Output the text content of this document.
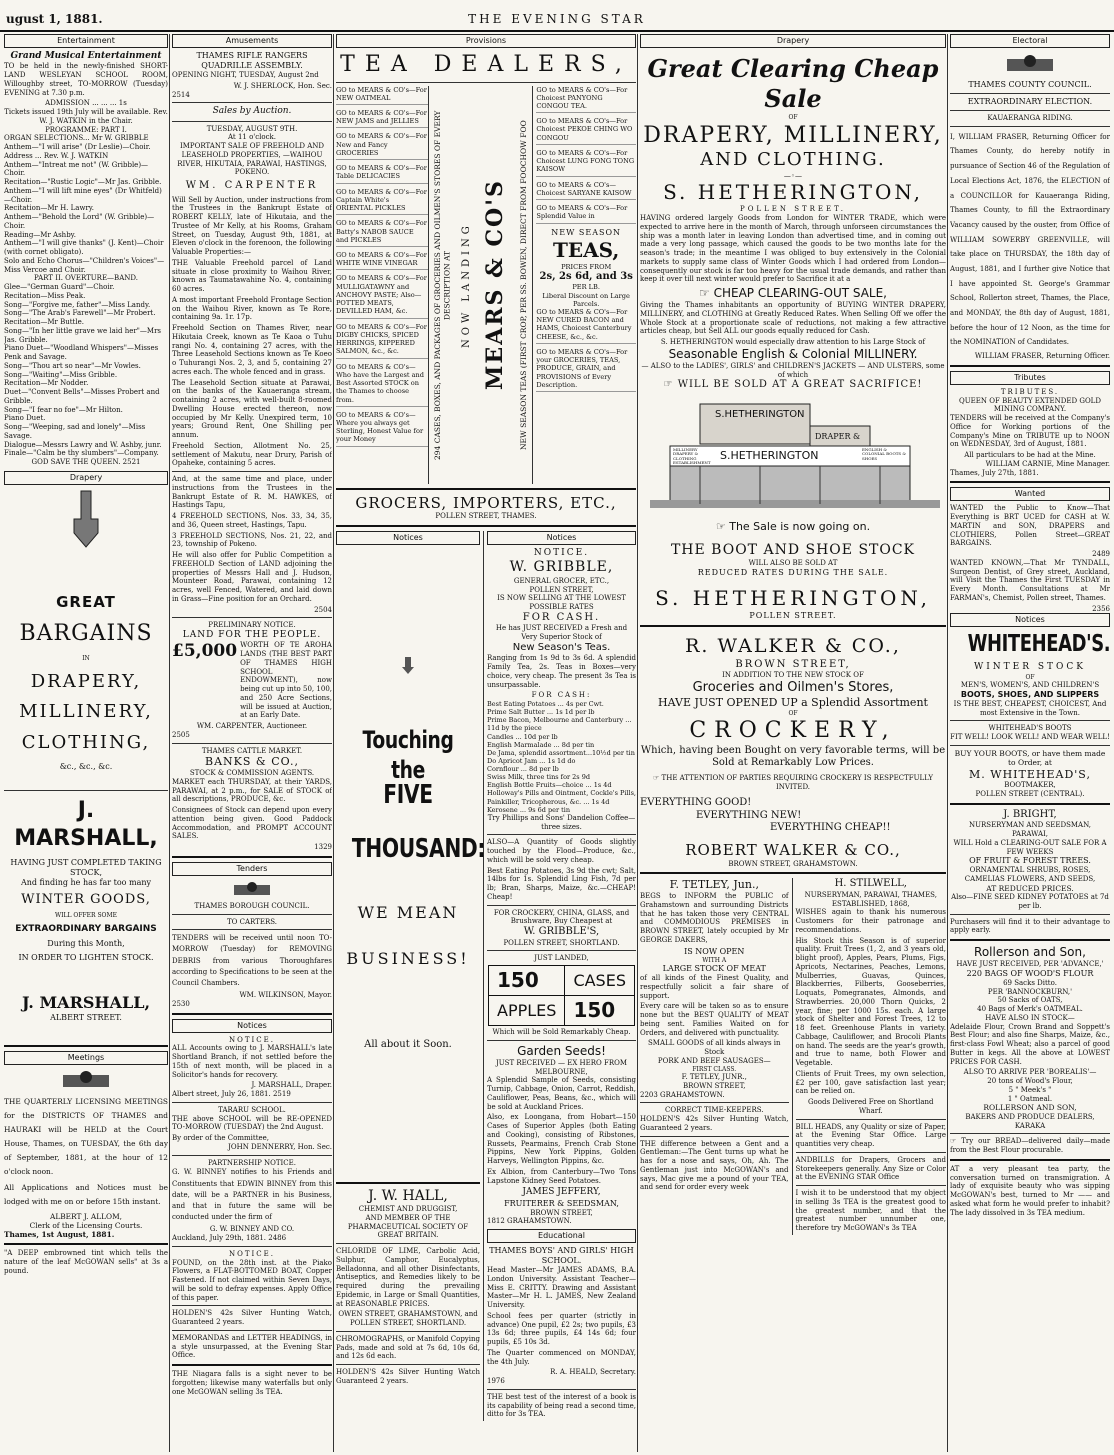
ugust 1, 1881.	THE EVENING STAR
Entertainment
Grand Musical Entertainment

TO be held in the newly-finished SHORT-LAND WESLEYAN SCHOOL ROOM, Willoughby street, TO-MORROW (Tuesday) EVENING at 7.30 p.m.

ADMISSION ... ... ... 1s
Tickets issued 19th July will be available. Rev. W. J. WATKIN in the Chair.
PROGRAMME: PART I.
ORGAN SELECTIONS... Mr W. GRIBBLE
Anthem—"I will arise" (Dr Leslie)—Choir.
Address ... Rev. W. J. WATKIN
Anthem—"Intreat me not" (W. Gribble)—Choir.
Recitation—"Rustic Logic"—Mr Jas. Gribble.
Anthem—"I will lift mine eyes" (Dr Whitfeld)—Choir.
Recitation—Mr H. Lawry.
Anthem—"Behold the Lord" (W. Gribble)—Choir.
Reading—Mr Ashby.
Anthem—"I will give thanks" (J. Kent)—Choir (with cornet obligato).
Solo and Echo Chorus—"Children's Voices"—Miss Vercoe and Choir.
PART II. OVERTURE—BAND.
Glee—"German Guard"—Choir.
Recitation—Miss Peak.
Song—"Forgive me, father"—Miss Landy.
Song—"The Arab's Farewell"—Mr Probert.
Recitation—Mr Buttle.
Song—"In her little grave we laid her"—Mrs Jas. Gribble.
Piano Duet—"Woodland Whispers"—Misses Penk and Savage.
Song—"Thou art so near"—Mr Vowles.
Song—"Waiting"—Miss Gribble.
Recitation—Mr Nodder.
Duet—"Convent Bells"—Misses Probert and Gribble.
Song—"I fear no foe"—Mr Hilton.
Piano Duet.
Song—"Weeping, sad and lonely"—Miss Savage.
Dialogue—Messrs Lawry and W. Ashby, junr.
Finale—"Calm be thy slumbers"—Company.
GOD SAVE THE QUEEN. 2521
Drapery
GREAT
BARGAINS
IN
DRAPERY,
MILLINERY,
CLOTHING,
&c., &c., &c.
J. MARSHALL,
HAVING JUST COMPLETED TAKING STOCK,
And finding he has far too many
WINTER GOODS,
WILL OFFER SOME
EXTRAORDINARY BARGAINS
During this Month,
IN ORDER TO LIGHTEN STOCK.
J. MARSHALL,
ALBERT STREET.
Meetings

THE QUARTERLY LICENSING MEETINGS for the DISTRICTS OF THAMES and HAURAKI will be HELD at the Court House, Thames, on TUESDAY, the 6th day of September, 1881, at the hour of 12 o'clock noon.

All Applications and Notices must be lodged with me on or before 15th instant.

ALBERT J. ALLOM,
Clerk of the Licensing Courts.
Thames, 1st August, 1881.

"A DEEP embrowned tint which tells the nature of the leaf McGOWAN sells" at 3s a pound.

Amusements
THAMES RIFLE RANGERS QUADRILLE ASSEMBLY.

OPENING NIGHT, TUESDAY, August 2nd

W. J. SHERLOCK, Hon. Sec.
2514
Sales by Auction.
TUESDAY, AUGUST 9TH.
At 11 o'clock.
IMPORTANT SALE OF FREEHOLD AND LEASEHOLD PROPERTIES, —WAIHOU RIVER, HIKUTAIA, PARAWAI, HASTINGS, POKENO.
WM. CARPENTER

Will Sell by Auction, under instructions from the Trustees in the Bankrupt Estate of ROBERT KELLY, late of Hikutaia, and the Trustee of Mr Kelly, at his Rooms, Graham Street, on Tuesday, August 9th, 1881, at Eleven o'clock in the forenoon, the following Valuable Properties:—

THE Valuable Freehold parcel of Land situate in close proximity to Waihou River, known as Taumatawahine No. 4, containing 60 acres.

A most important Freehold Frontage Section on the Waihou River, known as Te Rore, containing 9a. 1r. 17p.

Freehold Section on Thames River, near Hikutaia Creek, known as Te Kaoa o Tuhu rangi No. 4, containing 27 acres, with the Three Leasehold Sections known as Te Koeo o Tuhurangi Nos. 2, 3, and 5, containing 27 acres each. The whole fenced and in grass.

The Leasehold Section situate at Parawai, on the banks of the Kauaeranga stream, containing 2 acres, with well-built 8-roomed Dwelling House erected thereon, now occupied by Mr Kelly. Unexpired term, 10 years; Ground Rent, One Shilling per annum.

Freehold Section, Allotment No. 25, settlement of Makutu, near Drury, Parish of Opaheke, containing 5 acres.

And, at the same time and place, under instructions from the Trustees in the Bankrupt Estate of R. M. HAWKES, of Hastings Tapu,

4 FREEHOLD SECTIONS, Nos. 33, 34, 35, and 36, Queen street, Hastings, Tapu.

3 FREEHOLD SECTIONS, Nos. 21, 22, and 23, township of Pokeno.

He will also offer for Public Competition a FREEHOLD Section of LAND adjoining the properties of Messrs Hall and J. Hudson, Mounteer Road, Parawai, containing 12 acres, well Fenced, Watered, and laid down in Grass—Fine position for an Orchard.

2504
PRELIMINARY NOTICE.
LAND FOR THE PEOPLE.
£5,000 WORTH OF TE AROHA LANDS (THE BEST PART OF THAMES HIGH SCHOOL ENDOWMENT), now being cut up into 50, 100, and 250 Acre Sections, will be issued at Auction, at an Early Date.

WM. CARPENTER, Auctioneer.
2505
THAMES CATTLE MARKET.
BANKS & CO.,
STOCK & COMMISSION AGENTS.

MARKET each THURSDAY, at their YARDS, PARAWAI, at 2 p.m., for SALE of STOCK of all descriptions, PRODUCE, &c.

Consignees of Stock can depend upon every attention being given. Good Paddock Accommodation, and PROMPT ACCOUNT SALES.

1329
Tenders
THAMES BOROUGH COUNCIL.
TO CARTERS.

TENDERS will be received until noon TO-MORROW (Tuesday) for REMOVING DEBRIS from various Thoroughfares according to Specifications to be seen at the Council Chambers.

WM. WILKINSON, Mayor.
2530
Notices
NOTICE.

ALL Accounts owing to J. MARSHALL's late Shortland Branch, if not settled before the 15th of next month, will be placed in a Solicitor's hands for recovery.

J. MARSHALL, Draper.
Albert street, July 26, 1881. 2519
TARARU SCHOOL.

THE above SCHOOL will be RE-OPENED TO-MORROW (TUESDAY) the 2nd August.

By order of the Committee,
JOHN DENNERRY, Hon. Sec.
PARTNERSHIP NOTICE.

G. W. BINNEY notifies to his Friends and Constituents that EDWIN BINNEY from this date, will be a PARTNER in his Business, and that in future the same will be conducted under the firm of

G. W. BINNEY AND CO.
Auckland, July 29th, 1881. 2486
NOTICE.

FOUND, on the 28th inst. at the Piako Flowers, a FLAT-BOTTOMED BOAT, Copper Fastened. If not claimed within Seven Days, will be sold to defray expenses. Apply Office of this paper.

HOLDEN'S 42s Silver Hunting Watch, Guaranteed 2 years.

MEMORANDAS and LETTER HEADINGS, in a style unsurpassed, at the Evening Star Office.

THE Niagara falls is a sight never to be forgotten; likewise many waterfalls but only one McGOWAN selling 3s TEA.

Provisions
TEA DEALERS,
GO to MEARS & CO's—For NEW OATMEAL
GO to MEARS & CO's—For NEW JAMS and JELLIES
GO to MEARS & CO's—For New and Fancy GROCERIES
GO to MEARS & CO's—For Table DELICACIES
GO to MEARS & CO's—For Captain White's ORIENTAL PICKLES
GO to MEARS & CO's—For Batty's NABOB SAUCE and PICKLES
GO to MEARS & CO's—For WHITE WINE VINEGAR
GO to MEARS & CO's—For MULLIGATAWNY and ANCHOVY PASTE; Also—POTTED MEATS, DEVILLED HAM, &c.
GO to MEARS & CO's—For DIGBY CHICKS, SPICED HERRINGS, KIPPERED SALMON, &c., &c.
GO to MEARS & CO's—Who have the Largest and Best Assorted STOCK on the Thames to choose from.
GO to MEARS & CO's—Where you always get Sterling, Honest Value for your Money	294 CASES, BOXES, AND PACKAGES OF GROCERIES AND OILMEN'S STORES OF EVERY DESCRIPTION AT NOW LANDING MEARS & CO'S NEW SEASON TEAS (FIRST CROP, PER SS. BOWEN, DIRECT FROM FOOCHOW FOO
GO to MEARS & CO's—For Choicest PANYONG CONGOU TEA.
GO to MEARS & CO's—For Choicest PEKOE CHING WO CONGOU
GO to MEARS & CO's—For Choicest LUNG FONG TONG KAISOW
GO to MEARS & CO's—Choicest SARYANE KAISOW
GO to MEARS & CO's—For Splendid Value in
NEW SEASON
TEAS,
PRICES FROM
2s, 2s 6d, and 3s
PER LB.
Liberal Discount on Large Parcels.
GO to MEARS & CO's—For NEW CURED BACON and HAMS, Choicest Canterbury CHEESE, &c., &c.
GO to MEARS & CO's—For your GROCERIES, TEAS, PRODUCE, GRAIN, and PROVISIONS of Every Description.
GROCERS, IMPORTERS, ETC.,
POLLEN STREET, THAMES.
Notices
Touching the
FIVE
THOUSAND:
WE MEAN
BUSINESS!
All about it Soon.
J. W. HALL,
CHEMIST AND DRUGGIST,
AND MEMBER OF THE PHARMACEUTICAL SOCIETY OF GREAT BRITAIN.

CHLORIDE OF LIME, Carbolic Acid, Sulphur, Camphor, Eucalyptus, Belladonna, and all other Disinfectants, Antiseptics, and Remedies likely to be required during the prevailing Epidemic, in Large or Small Quantities, at REASONABLE PRICES.

OWEN STREET, GRAHAMSTOWN, and POLLEN STREET, SHORTLAND.

CHROMOGRAPHS, or Manifold Copying Pads, made and sold at 7s 6d, 10s 6d, and 12s 6d each.

HOLDEN'S 42s Silver Hunting Watch Guaranteed 2 years.

Notices
NOTICE.
W. GRIBBLE,
GENERAL GROCER, ETC.,
POLLEN STREET,
IS NOW SELLING AT THE LOWEST POSSIBLE RATES
FOR CASH.
He has JUST RECEIVED a Fresh and Very Superior Stock of
New Season's Teas.

Ranging from 1s 9d to 3s 6d. A splendid Family Tea, 2s. Teas in Boxes—very choice, very cheap. The present 3s Tea is unsurpassable.

FOR CASH:
Best Eating Potatoes ... 4s per Cwt.
Prime Salt Butter ... 1s 1d per lb
Prime Bacon, Melbourne and Canterbury ... 11d by the piece
Candles ... 10d per lb
English Marmalade ... 8d per tin
De Jama, splendid assortment...10½d per tin
Do Apricot Jam ... 1s 1d do
Cornflour ... 8d per lb
Swiss Milk, three tins for 2s 9d
English Bottle Fruits—choice ... 1s 4d
Holloway's Pills and Ointment, Cockle's Pills, Painkiller, Tricopherous, &c. ... 1s 4d
Kerosene ... 9s 6d per tin
Try Phillips and Sons' Dandelion Coffee—three sizes.

ALSO—A Quantity of Goods slightly touched by the Flood—Produce, &c., which will be sold very cheap.

Best Eating Potatoes, 3s 9d the cwt; Salt, 14lbs for 1s. Splendid Ling Fish, 7d per lb; Bran, Sharps, Maize, &c.—CHEAP! Cheap!

FOR CROCKERY, CHINA, GLASS, and Brushware, Buy Cheapest at
W. GRIBBLE'S,
POLLEN STREET, SHORTLAND.
JUST LANDED,
150	CASES
APPLES	150
Which will be Sold Remarkably Cheap.
Garden Seeds!
JUST RECEIVED — EX HERO FROM MELBOURNE,

A Splendid Sample of Seeds, consisting Turnip, Cabbage, Onion, Carrot, Reddish, Cauliflower, Peas, Beans, &c., which will be sold at Auckland Prices.

Also, ex Loongana, from Hobart—150 Cases of Superior Apples (both Eating and Cooking), consisting of Ribstones, Russets, Pearmains, French Crab Stone Pippins, New York Pippins, Golden Harveys, Wellington Pippins, &c.

Ex Albion, from Canterbury—Two Tons Lapstone Kidney Seed Potatoes.

JAMES JEFFERY,
FRUITERER & SEEDSMAN,
BROWN STREET,
1812 GRAHAMSTOWN.
Educational
THAMES BOYS' AND GIRLS' HIGH SCHOOL.

Head Master—Mr JAMES ADAMS, B.A. London University. Assistant Teacher—Miss E. CRITTY. Drawing and Assistant Master—Mr H. L. JAMES, New Zealand University.

School fees per quarter (strictly in advance) One pupil, £2 2s; two pupils, £3 13s 6d; three pupils, £4 14s 6d; four pupils, £5 10s 3d.

The Quarter commenced on MONDAY, the 4th July.

R. A. HEALD, Secretary.
1976

THE best test of the interest of a book is its capability of being read a second time, ditto for 3s TEA.

Drapery
Great Clearing Cheap Sale
OF
DRAPERY, MILLINERY,
AND CLOTHING.
—◦—
S. HETHERINGTON,
POLLEN STREET.

HAVING ordered largely Goods from London for WINTER TRADE, which were expected to arrive here in the month of March, through unforseen circumstances the ship was a month later in leaving London than advertised time, and in coming out made a very long passage, which caused the goods to be two months late for the season's trade; in the meantime I was obliged to buy extensively in the Colonial markets to supply same class of Winter Goods which I had ordered from London—consequently our stock is far too heavy for the usual trade demands, and rather than keep it over till next winter would prefer to Sacrifice it at a

☞ CHEAP CLEARING-OUT SALE,

Giving the Thames inhabitants an opportunity of BUYING WINTER DRAPERY, MILLINERY, and CLOTHING at Greatly Reduced Rates. When Selling Off we offer the Whole Stock at a proportionate scale of reductions, not making a few attractive articles cheap, but Sell ALL our goods equally reduced for Cash.

S. HETHERINGTON would especially draw attention to his Large Stock of
Seasonable English & Colonial MILLINERY.
— ALSO to the LADIES', GIRLS' and CHILDREN'S JACKETS — AND ULSTERS, some of which
☞ WILL BE SOLD AT A GREAT SACRIFICE!
S.HETHERINGTON
DRAPER &
S.HETHERINGTON
MILLINERY DRAPERY & CLOTHING ESTABLISHMENT
ENGLISH & COLONIAL BOOTS & SHOES
☞ The Sale is now going on.
THE BOOT AND SHOE STOCK
WILL ALSO BE SOLD AT
REDUCED RATES DURING THE SALE.
S. HETHERINGTON,
POLLEN STREET.
R. WALKER & CO.,
BROWN STREET,
IN ADDITION TO THE NEW STOCK OF
Groceries and Oilmen's Stores,
HAVE JUST OPENED UP a Splendid Assortment
OF
CROCKERY,
Which, having been Bought on very favorable terms, will be Sold at Remarkably Low Prices.
☞ THE ATTENTION OF PARTIES REQUIRING CROCKERY IS RESPECTFULLY INVITED.
EVERYTHING GOOD!
EVERYTHING NEW!
EVERYTHING CHEAP!!
ROBERT WALKER & CO.,
BROWN STREET, GRAHAMSTOWN.
F. TETLEY, Jun.,

BEGS to INFORM the PUBLIC of Grahamstown and surrounding Districts that he has taken those very CENTRAL and COMMODIOUS PREMISES in BROWN STREET, lately occupied by Mr GEORGE DAKERS,

IS NOW OPEN
WITH A
LARGE STOCK OF MEAT

of all kinds of the Finest Quality, and respectfully solicit a fair share of support.

Every care will be taken so as to ensure none but the BEST QUALITY of MEAT being sent. Families Waited on for Orders, and delivered with punctuality.

SMALL GOODS of all kinds always in Stock
PORK AND BEEF SAUSAGES—
FIRST CLASS.
F. TETLEY, JUNR.,
BROWN STREET,
2203 GRAHAMSTOWN.
CORRECT TIME-KEEPERS.

HOLDEN'S 42s Silver Hunting Watch, Guaranteed 2 years.

THE difference between a Gent and a Gentleman:—The Gent turns up what he has for a nose and says, Oh, Ah. The Gentleman just into McGOWAN's and says, Mac give me a pound of your TEA, and send for order every week

H. STILWELL,
NURSERYMAN, PARAWAI, THAMES, ESTABLISHED, 1868,

WISHES again to thank his numerous Customers for their patronage and recommendations.

His Stock this Season is of superior quality. Fruit Trees (1, 2, and 3 years old, blight proof), Apples, Pears, Plums, Figs, Apricots, Nectarines, Peaches, Lemons, Mulberries, Guavas, Quinces, Blackberries, Filberts, Gooseberries, Loquats, Pomegranates, Almonds, and Strawberries. 20,000 Thorn Quicks, 2 year, fine; per 1000 15s. each. A large stock of Shelter and Forest Trees, 12 to 18 feet. Greenhouse Plants in variety. Cabbage, Cauliflower, and Brocoli Plants on hand. The seeds are the year's growth, and true to name, both Flower and Vegetable.

Clients of Fruit Trees, my own selection, £2 per 100, gave satisfaction last year; can be relied on.

Goods Delivered Free on Shortland Wharf.

BILL HEADS, any Quality or size of Paper, at the Evening Star Office. Large quantities very cheap.

ANDBILLS for Drapers, Grocers and Storekeepers generally. Any Size or Color at the EVENING STAR Office

I wish it to be understood that my object in selling 3s TEA is the greatest good to the greatest number, and that the greatest number unnumber one, therefore try McGOWAN's 3s TEA

Electoral
THAMES COUNTY COUNCIL.
EXTRAORDINARY ELECTION.
KAUAERANGA RIDING.

I, WILLIAM FRASER, Returning Officer for Thames County, do hereby notify in pursuance of Section 46 of the Regulation of Local Elections Act, 1876, the ELECTION of a COUNCILLOR for Kauaeranga Riding, Thames County, to fill the Extraordinary Vacancy caused by the ouster, from Office of WILLIAM SOWERBY GREENVILLE, will take place on THURSDAY, the 18th day of August, 1881, and I further give Notice that I have appointed St. George's Grammar School, Rollerton street, Thames, the Place, and MONDAY, the 8th day of August, 1881, before the hour of 12 Noon, as the time for the NOMINATION of Candidates.

WILLIAM FRASER, Returning Officer.
Tributes
TRIBUTES.
QUEEN OF BEAUTY EXTENDED GOLD MINING COMPANY.

TENDERS will be received at the Company's Office for Working portions of the Company's Mine on TRIBUTE up to NOON on WEDNESDAY, 3rd of August, 1881.

All particulars to be had at the Mine.
WILLIAM CARNIE, Mine Manager.
Thames, July 27th, 1881.
Wanted

WANTED the Public to Know—That Everything is BRT UCED for CASH at W. MARTIN and SON, DRAPERS and CLOTHIERS, Pollen Street—GREAT BARGAINS.

2489

WANTED KNOWN,—That Mr TYNDALL, Surgeon Dentist, of Grey street, Auckland, will Visit the Thames the First TUESDAY in Every Month. Consultations at Mr FARMAN's, Chemist, Pollen street, Thames.

2356
Notices
WHITEHEAD'S.
WINTER STOCK
OF
MEN'S, WOMEN'S, AND CHILDREN'S
BOOTS, SHOES, AND SLIPPERS
IS THE BEST, CHEAPEST, CHOICEST, And most Extensive in the Town.
WHITEHEAD'S BOOTS
FIT WELL! LOOK WELL! AND WEAR WELL!
BUY YOUR BOOTS, or have them made to Order, at
M. WHITEHEAD'S,
BOOTMAKER,
POLLEN STREET (CENTRAL).
J. BRIGHT,
NURSERYMAN AND SEEDSMAN, PARAWAI,
WILL Hold a CLEARING-OUT SALE FOR A FEW WEEKS
OF FRUIT & FOREST TREES.
ORNAMENTAL SHRUBS, ROSES, CAMELIAS FLOWERS, AND SEEDS,
AT REDUCED PRICES.
Also—FINE SEED KIDNEY POTATOES at 7d per lb.

Purchasers will find it to their advantage to apply early.

Rollerson and Son,
HAVE JUST RECEIVED, PER 'ADVANCE,'
220 BAGS OF WOOD'S FLOUR
69 Sacks Ditto.
PER 'BANNOCKBURN,'
50 Sacks of OATS,
40 Bags of Merk's OATMEAL.
HAVE ALSO IN STOCK—

Adelaide Flour, Crown Brand and Soppett's Best Flour; and also fine Sharps, Maize, &c., first-class Fowl Wheat; also a parcel of good Butter in kegs. All the above at LOWEST PRICES FOR CASH.

ALSO TO ARRIVE PER 'BOREALIS'—
20 tons of Wood's Flour,
5 " Meek's "
1 " Oatmeal.
ROLLERSON AND SON,
BAKERS AND PRODUCE DEALERS,
KARAKA

☞ Try our BREAD—delivered daily—made from the Best Flour procurable.

AT a very pleasant tea party, the conversation turned on transmigration. A lady of exquisite beauty who was sipping McGOWAN's best, turned to Mr —— and asked what form he would prefer to inhabit? The lady dissolved in 3s TEA medium.
